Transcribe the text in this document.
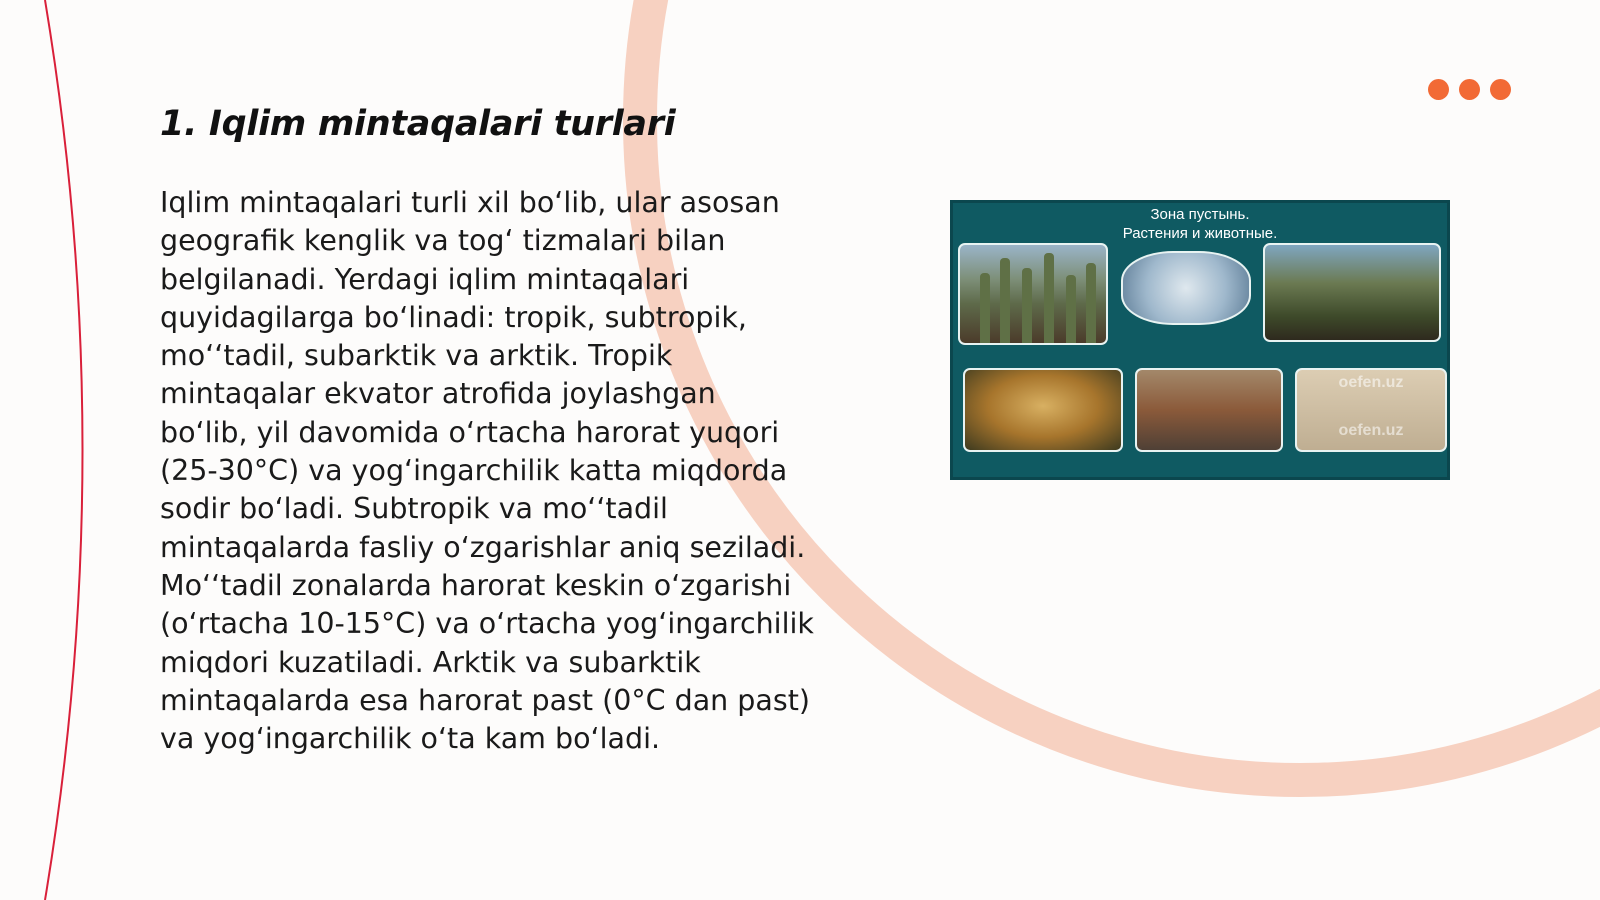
1. Iqlim mintaqalari turlari

Iqlim mintaqalari turli xil bo‘lib, ular asosan
geografik kenglik va tog‘ tizmalari bilan
belgilanadi. Yerdagi iqlim mintaqalari
quyidagilarga bo‘linadi: tropik, subtropik,
mo‘‘tadil, subarktik va arktik. Tropik
mintaqalar ekvator atrofida joylashgan
bo‘lib, yil davomida o‘rtacha harorat yuqori
(25-30°C) va yog‘ingarchilik katta miqdorda
sodir bo‘ladi. Subtropik va mo‘‘tadil
mintaqalarda fasliy o‘zgarishlar aniq seziladi.
Mo‘‘tadil zonalarda harorat keskin o‘zgarishi
(o‘rtacha 10-15°C) va o‘rtacha yog‘ingarchilik
miqdori kuzatiladi. Arktik va subarktik
mintaqalarda esa harorat past (0°C dan past)
va yog‘ingarchilik o‘ta kam bo‘ladi.

Зона пустынь.
Растения и животные.
oefen.uz
oefen.uz
